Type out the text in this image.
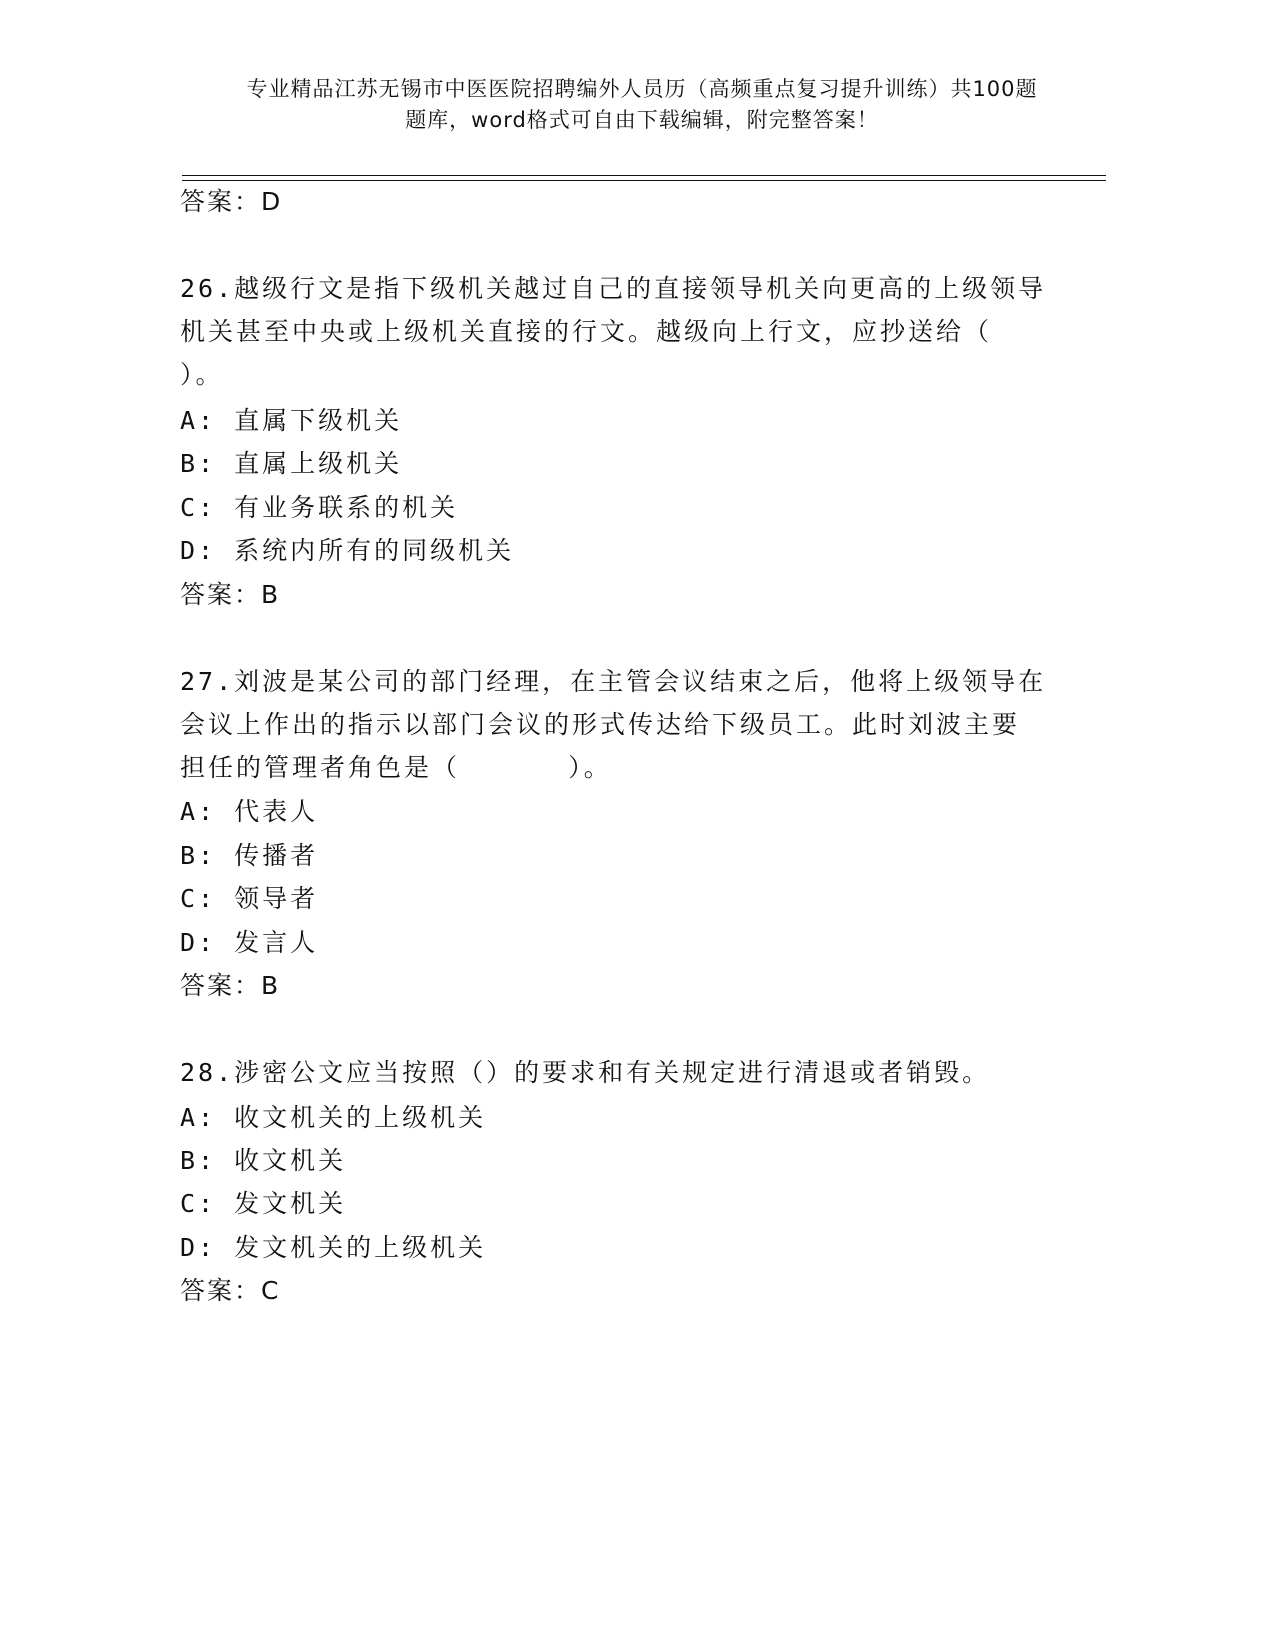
专业精品江苏无锡市中医医院招聘编外人员历（高频重点复习提升训练）共100题
题库，word格式可自由下载编辑，附完整答案！
答案：D
26.越级行文是指下级机关越过自己的直接领导机关向更高的上级领导
机关甚至中央或上级机关直接的行文。越级向上行文，应抄送给（
）。
A: 直属下级机关
B: 直属上级机关
C: 有业务联系的机关
D: 系统内所有的同级机关
答案：B
27.刘波是某公司的部门经理，在主管会议结束之后，他将上级领导在
会议上作出的指示以部门会议的形式传达给下级员工。此时刘波主要
担任的管理者角色是（      ）。
A: 代表人
B: 传播者
C: 领导者
D: 发言人
答案：B
28.涉密公文应当按照（）的要求和有关规定进行清退或者销毁。
A: 收文机关的上级机关
B: 收文机关
C: 发文机关
D: 发文机关的上级机关
答案：C
